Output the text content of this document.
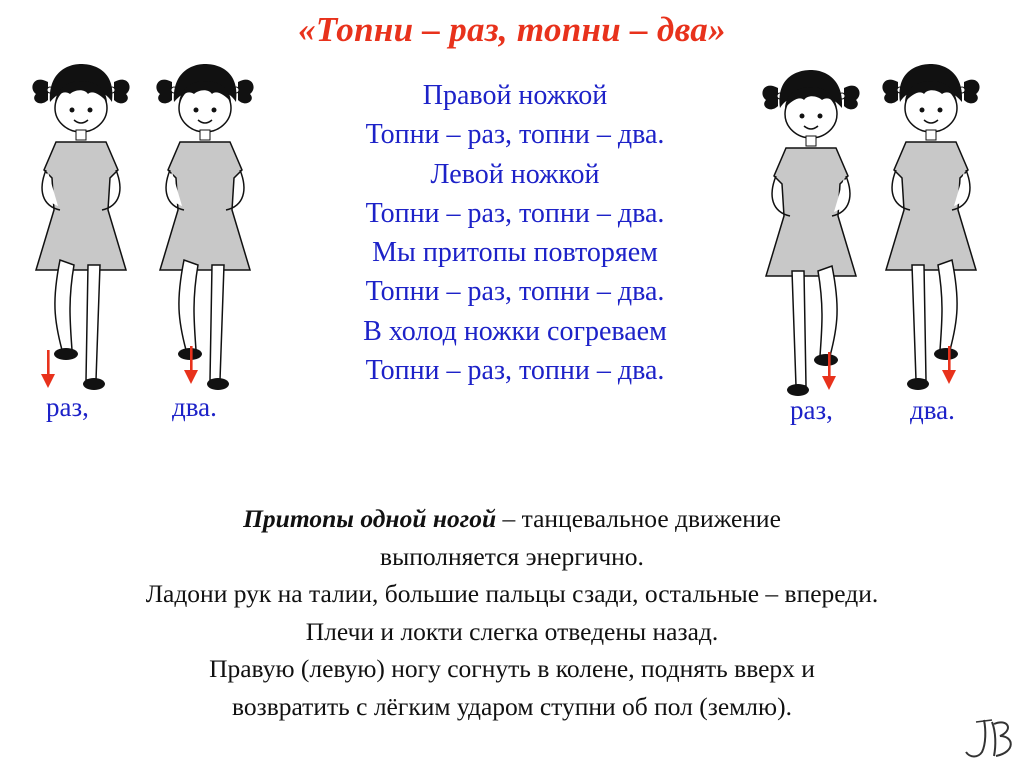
«Топни – раз, топни – два»
раз,	два.	раз,	два.
Правой ножкой
Топни – раз, топни – два.
Левой ножкой
Топни – раз, топни – два.
Мы притопы повторяем
Топни – раз, топни – два.
В холод ножки согреваем
Топни – раз, топни – два.
Притопы одной ногой – танцевальное движение
выполняется энергично.
Ладони рук на талии, большие пальцы сзади, остальные – впереди.
Плечи и локти слегка отведены назад.
Правую (левую) ногу согнуть в колене, поднять вверх и
возвратить с лёгким ударом ступни об пол (землю).
